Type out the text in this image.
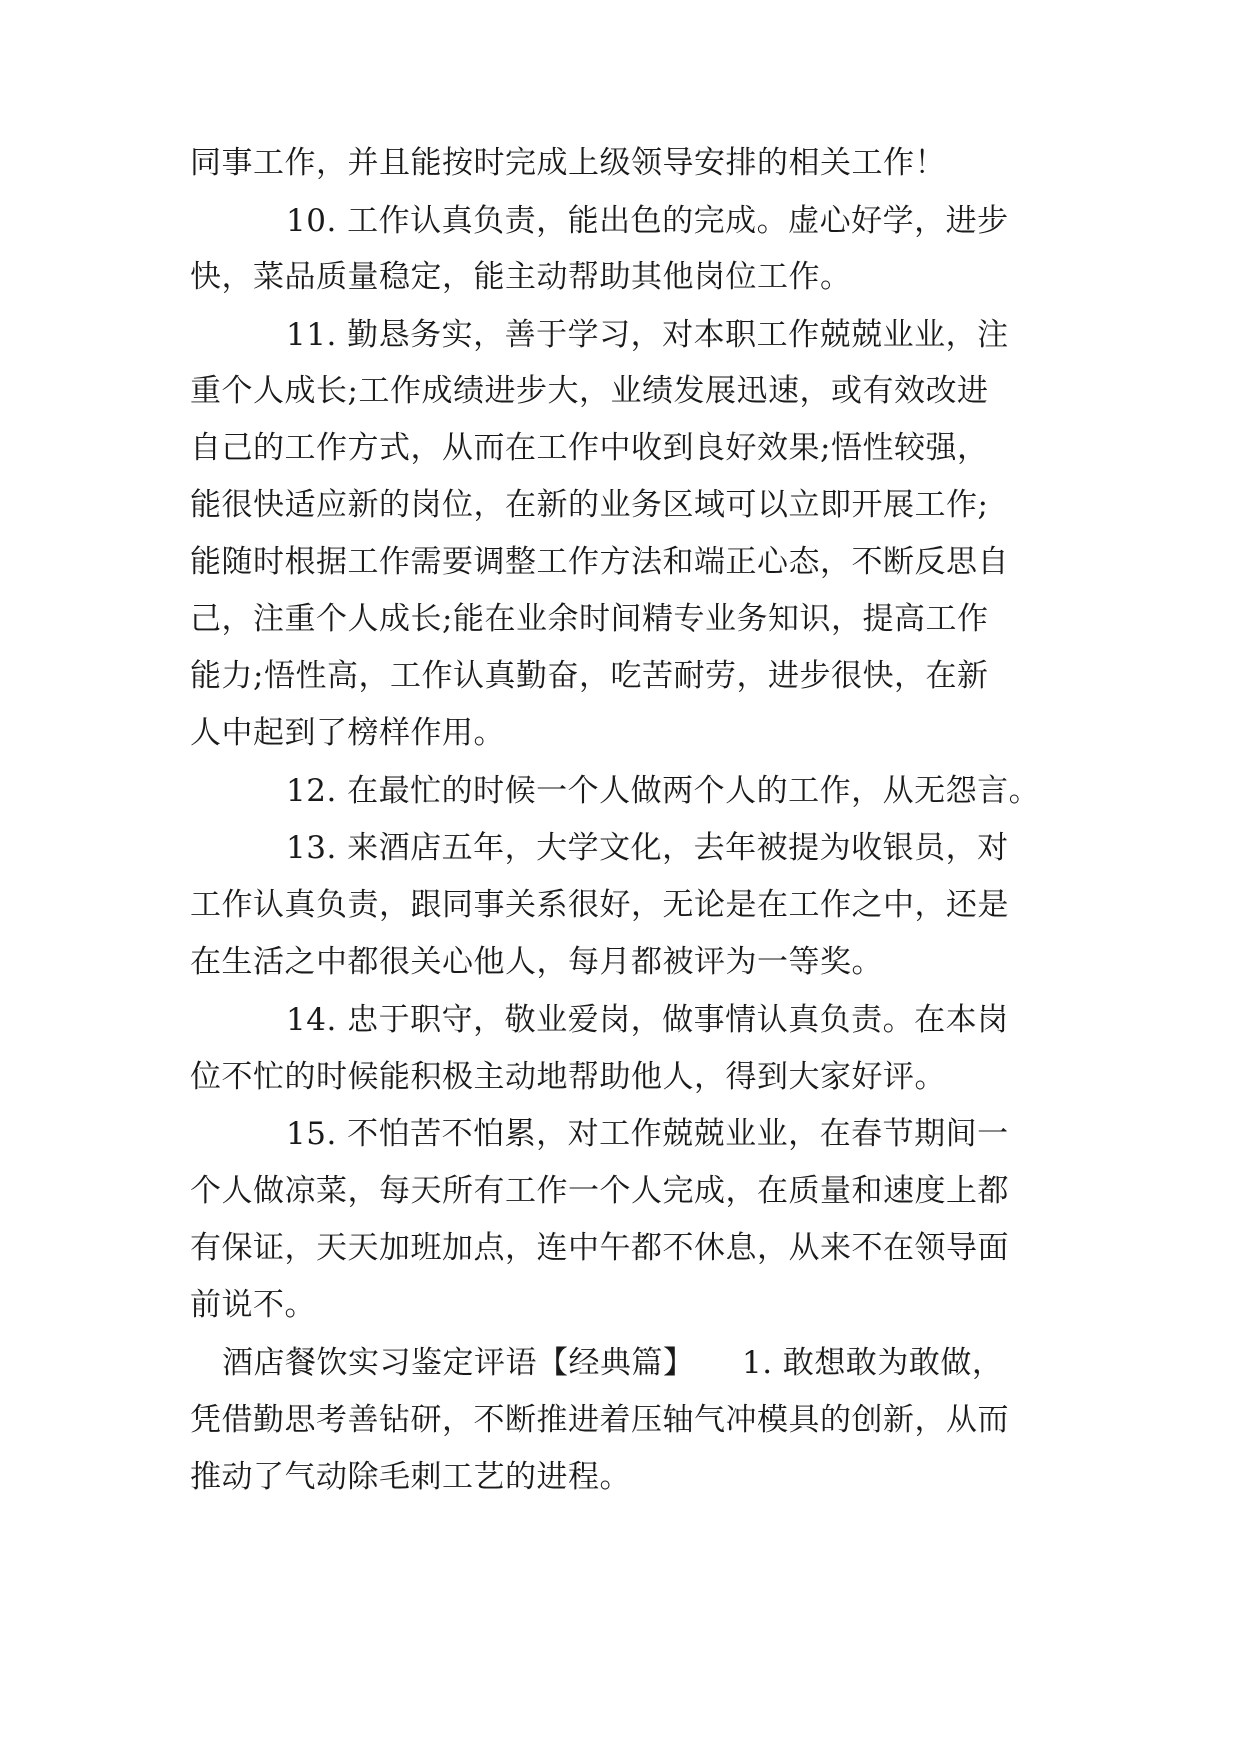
同事工作，并且能按时完成上级领导安排的相关工作！
10. 工作认真负责，能出色的完成。虚心好学，进步
快，菜品质量稳定，能主动帮助其他岗位工作。
11. 勤恳务实，善于学习，对本职工作兢兢业业，注
重个人成长;工作成绩进步大，业绩发展迅速，或有效改进
自己的工作方式，从而在工作中收到良好效果;悟性较强，
能很快适应新的岗位，在新的业务区域可以立即开展工作;
能随时根据工作需要调整工作方法和端正心态，不断反思自
己，注重个人成长;能在业余时间精专业务知识，提高工作
能力;悟性高，工作认真勤奋，吃苦耐劳，进步很快，在新
人中起到了榜样作用。
12. 在最忙的时候一个人做两个人的工作，从无怨言。
13. 来酒店五年，大学文化，去年被提为收银员，对
工作认真负责，跟同事关系很好，无论是在工作之中，还是
在生活之中都很关心他人，每月都被评为一等奖。
14. 忠于职守，敬业爱岗，做事情认真负责。在本岗
位不忙的时候能积极主动地帮助他人，得到大家好评。
15. 不怕苦不怕累，对工作兢兢业业，在春节期间一
个人做凉菜，每天所有工作一个人完成，在质量和速度上都
有保证，天天加班加点，连中午都不休息，从来不在领导面
前说不。
酒店餐饮实习鉴定评语【经典篇】　　1. 敢想敢为敢做，
凭借勤思考善钻研，不断推进着压轴气冲模具的创新，从而
推动了气动除毛刺工艺的进程。
